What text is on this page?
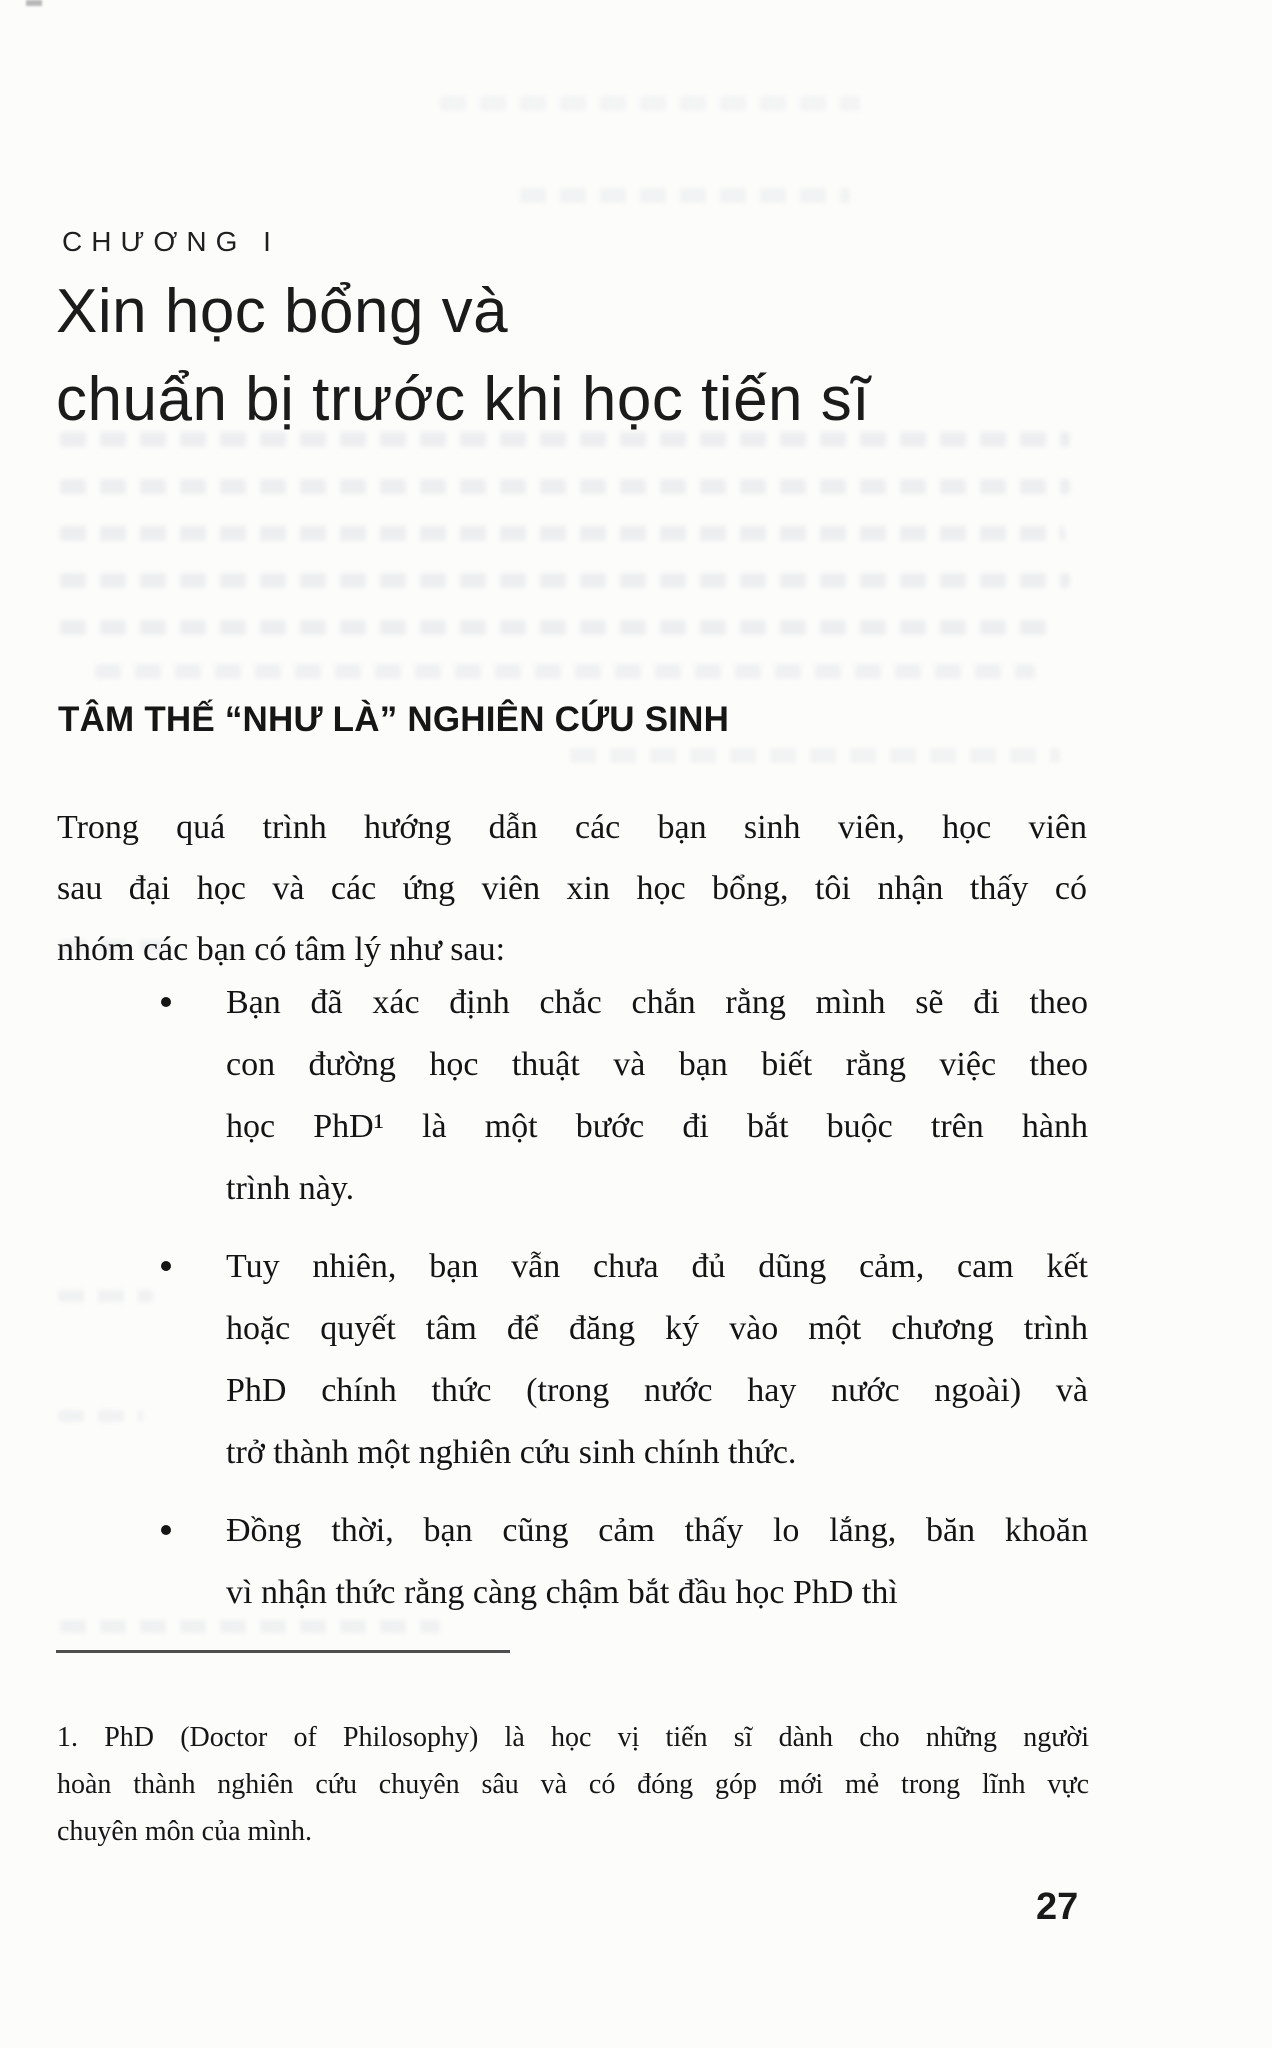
CHƯƠNG I
Xin học bổng và
chuẩn bị trước khi học tiến sĩ
TÂM THẾ “NHƯ LÀ” NGHIÊN CỨU SINH

Trong quá trình hướng dẫn các bạn sinh viên, học viên
sau đại học và các ứng viên xin học bổng, tôi nhận thấy có
nhóm các bạn có tâm lý như sau:

Bạn đã xác định chắc chắn rằng mình sẽ đi theo
con đường học thuật và bạn biết rằng việc theo
học PhD¹ là một bước đi bắt buộc trên hành
trình này.
Tuy nhiên, bạn vẫn chưa đủ dũng cảm, cam kết
hoặc quyết tâm để đăng ký vào một chương trình
PhD chính thức (trong nước hay nước ngoài) và
trở thành một nghiên cứu sinh chính thức.
Đồng thời, bạn cũng cảm thấy lo lắng, băn khoăn
vì nhận thức rằng càng chậm bắt đầu học PhD thì

1. PhD (Doctor of Philosophy) là học vị tiến sĩ dành cho những người
hoàn thành nghiên cứu chuyên sâu và có đóng góp mới mẻ trong lĩnh vực
chuyên môn của mình.

27
